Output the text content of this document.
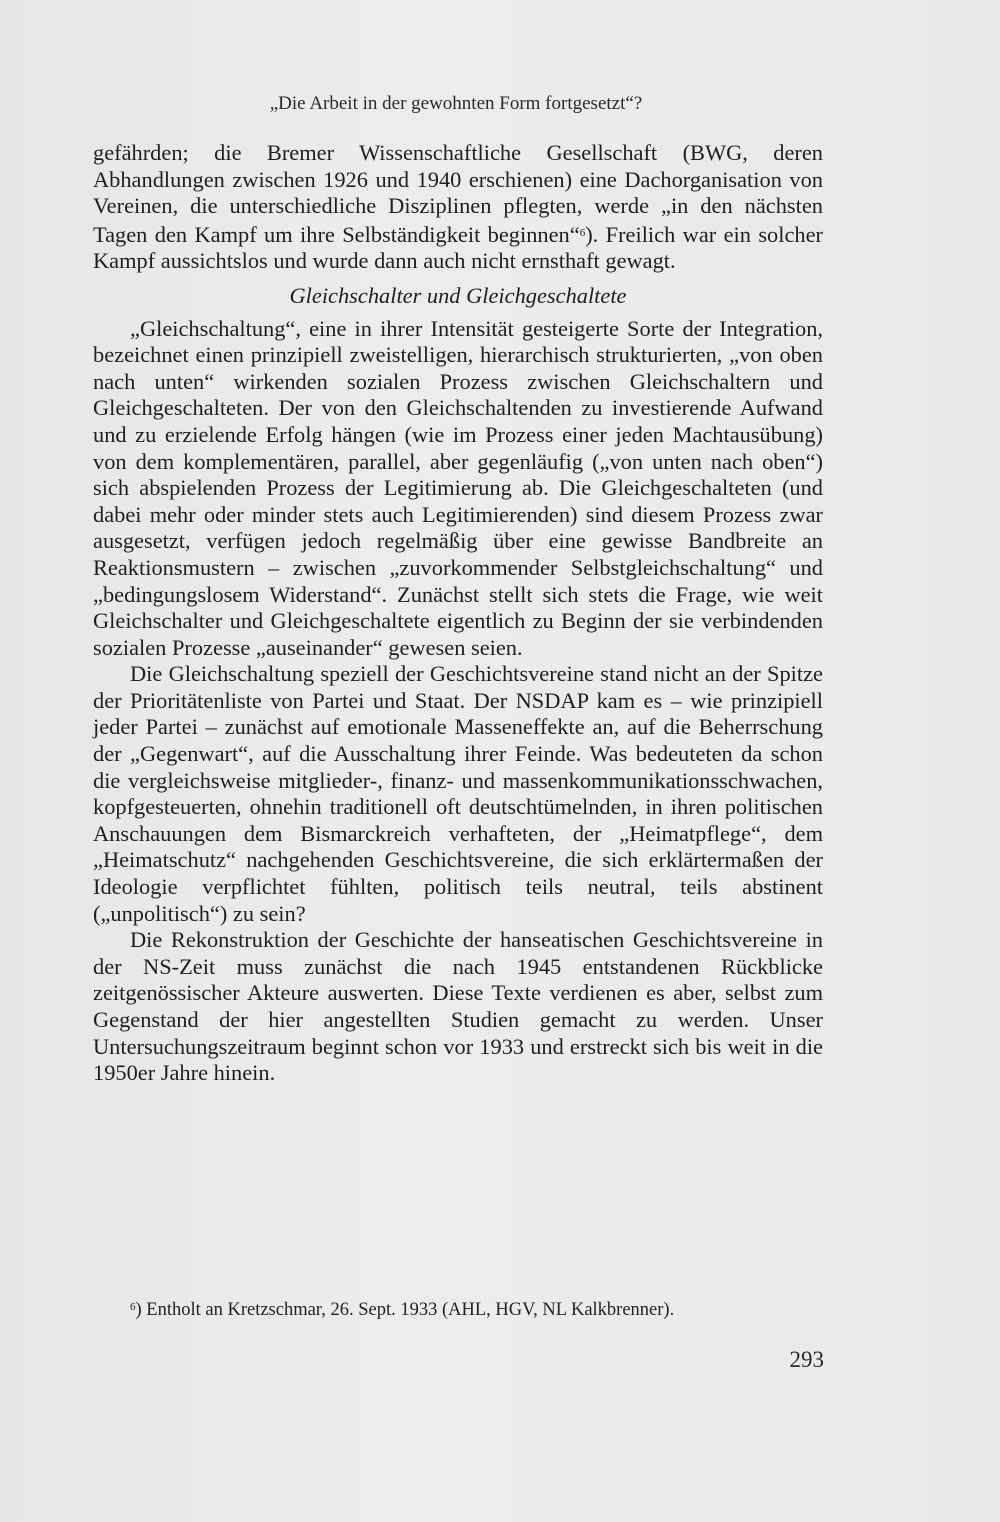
„Die Arbeit in der gewohnten Form fortgesetzt“?

gefährden; die Bremer Wissenschaftliche Gesellschaft (BWG, deren Abhandlungen zwischen 1926 und 1940 erschienen) eine Dachorganisation von Vereinen, die unterschiedliche Disziplinen pflegten, werde „in den nächsten Tagen den Kampf um ihre Selbständigkeit beginnen“$^6$). Freilich war ein solcher Kampf aussichtslos und wurde dann auch nicht ernsthaft gewagt.

Gleichschalter und Gleichgeschaltete

„Gleichschaltung“, eine in ihrer Intensität gesteigerte Sorte der Integration, bezeichnet einen prinzipiell zweistelligen, hierarchisch strukturierten, „von oben nach unten“ wirkenden sozialen Prozess zwischen Gleichschaltern und Gleichgeschalteten. Der von den Gleichschaltenden zu investierende Aufwand und zu erzielende Erfolg hängen (wie im Prozess einer jeden Machtausübung) von dem komplementären, parallel, aber gegenläufig („von unten nach oben“) sich abspielenden Prozess der Legitimierung ab. Die Gleichgeschalteten (und dabei mehr oder minder stets auch Legitimierenden) sind diesem Prozess zwar ausgesetzt, verfügen jedoch regelmäßig über eine gewisse Bandbreite an Reaktionsmustern – zwischen „zuvorkommender Selbstgleichschaltung“ und „bedingungslosem Widerstand“. Zunächst stellt sich stets die Frage, wie weit Gleichschalter und Gleichgeschaltete eigentlich zu Beginn der sie verbindenden sozialen Prozesse „auseinander“ gewesen seien.

Die Gleichschaltung speziell der Geschichtsvereine stand nicht an der Spitze der Prioritätenliste von Partei und Staat. Der NSDAP kam es – wie prinzipiell jeder Partei – zunächst auf emotionale Masseneffekte an, auf die Beherrschung der „Gegenwart“, auf die Ausschaltung ihrer Feinde. Was bedeuteten da schon die vergleichsweise mitglieder-, finanz- und massenkommunikationsschwachen, kopfgesteuerten, ohnehin traditionell oft deutschtümelnden, in ihren politischen Anschauungen dem Bismarckreich verhafteten, der „Heimatpflege“, dem „Heimatschutz“ nachgehenden Geschichtsvereine, die sich erklärtermaßen der Ideologie verpflichtet fühlten, politisch teils neutral, teils abstinent („unpolitisch“) zu sein?

Die Rekonstruktion der Geschichte der hanseatischen Geschichtsvereine in der NS-Zeit muss zunächst die nach 1945 entstandenen Rückblicke zeitgenössischer Akteure auswerten. Diese Texte verdienen es aber, selbst zum Gegenstand der hier angestellten Studien gemacht zu werden. Unser Untersuchungszeitraum beginnt schon vor 1933 und erstreckt sich bis weit in die 1950er Jahre hinein.

$^6$) Entholt an Kretzschmar, 26. Sept. 1933 (AHL, HGV, NL Kalkbrenner).
293
